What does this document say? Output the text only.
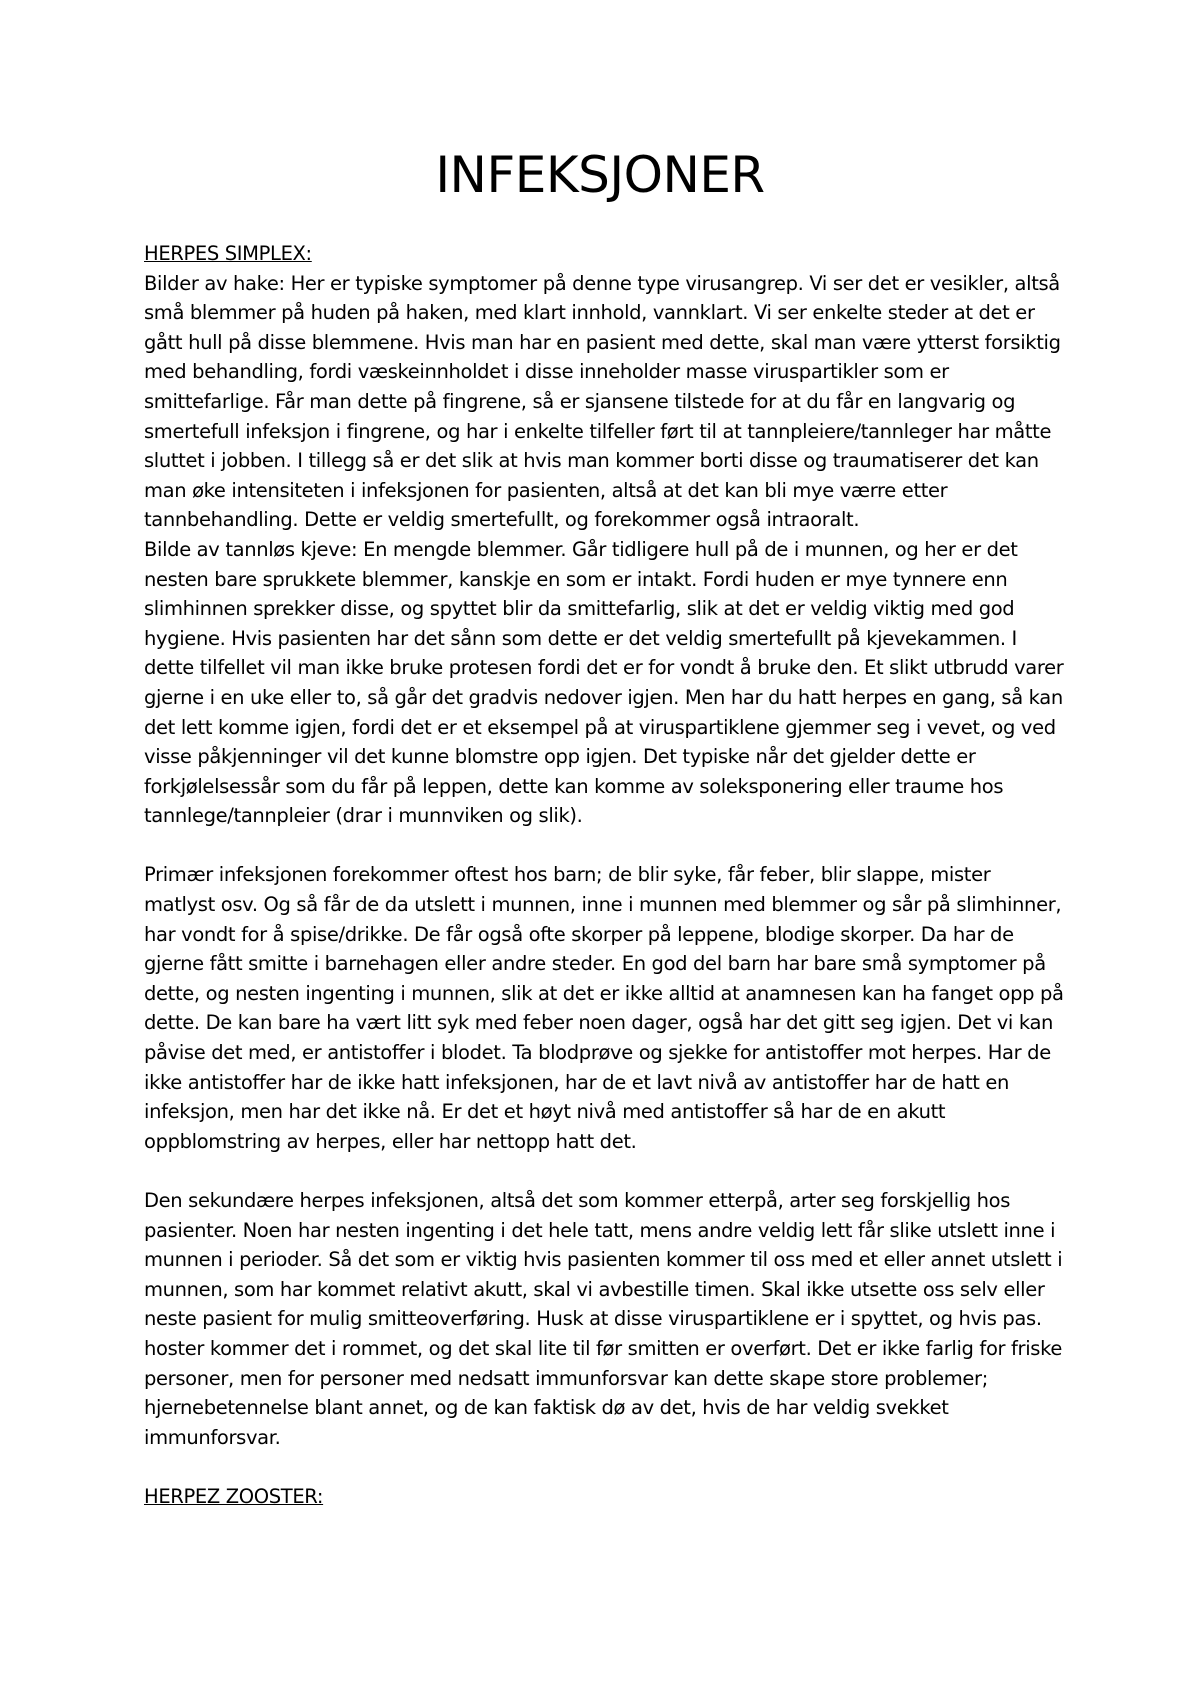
INFEKSJONER

HERPES SIMPLEX:

Bilder av hake: Her er typiske symptomer på denne type virusangrep. Vi ser det er vesikler, altså små blemmer på huden på haken, med klart innhold, vannklart. Vi ser enkelte steder at det er gått hull på disse blemmene. Hvis man har en pasient med dette, skal man være ytterst forsiktig med behandling, fordi væskeinnholdet i disse inneholder masse viruspartikler som er smittefarlige. Får man dette på fingrene, så er sjansene tilstede for at du får en langvarig og smertefull infeksjon i fingrene, og har i enkelte tilfeller ført til at tannpleiere/tannleger har måtte sluttet i jobben. I tillegg så er det slik at hvis man kommer borti disse og traumatiserer det kan man øke intensiteten i infeksjonen for pasienten, altså at det kan bli mye værre etter tannbehandling. Dette er veldig smertefullt, og forekommer også intraoralt.

Bilde av tannløs kjeve: En mengde blemmer. Går tidligere hull på de i munnen, og her er det nesten bare sprukkete blemmer, kanskje en som er intakt. Fordi huden er mye tynnere enn slimhinnen sprekker disse, og spyttet blir da smittefarlig, slik at det er veldig viktig med god hygiene. Hvis pasienten har det sånn som dette er det veldig smertefullt på kjevekammen. I dette tilfellet vil man ikke bruke protesen fordi det er for vondt å bruke den. Et slikt utbrudd varer gjerne i en uke eller to, så går det gradvis nedover igjen. Men har du hatt herpes en gang, så kan det lett komme igjen, fordi det er et eksempel på at viruspartiklene gjemmer seg i vevet, og ved visse påkjenninger vil det kunne blomstre opp igjen. Det typiske når det gjelder dette er forkjølelsessår som du får på leppen, dette kan komme av soleksponering eller traume hos tannlege/tannpleier (drar i munnviken og slik).

Primær infeksjonen forekommer oftest hos barn; de blir syke, får feber, blir slappe, mister matlyst osv. Og så får de da utslett i munnen, inne i munnen med blemmer og sår på slimhinner, har vondt for å spise/drikke. De får også ofte skorper på leppene, blodige skorper. Da har de gjerne fått smitte i barnehagen eller andre steder. En god del barn har bare små symptomer på dette, og nesten ingenting i munnen, slik at det er ikke alltid at anamnesen kan ha fanget opp på dette. De kan bare ha vært litt syk med feber noen dager, også har det gitt seg igjen. Det vi kan påvise det med, er antistoffer i blodet. Ta blodprøve og sjekke for antistoffer mot herpes. Har de ikke antistoffer har de ikke hatt infeksjonen, har de et lavt nivå av antistoffer har de hatt en infeksjon, men har det ikke nå. Er det et høyt nivå med antistoffer så har de en akutt oppblomstring av herpes, eller har nettopp hatt det.

Den sekundære herpes infeksjonen, altså det som kommer etterpå, arter seg forskjellig hos pasienter. Noen har nesten ingenting i det hele tatt, mens andre veldig lett får slike utslett inne i munnen i perioder. Så det som er viktig hvis pasienten kommer til oss med et eller annet utslett i munnen, som har kommet relativt akutt, skal vi avbestille timen. Skal ikke utsette oss selv eller neste pasient for mulig smitteoverføring. Husk at disse viruspartiklene er i spyttet, og hvis pas. hoster kommer det i rommet, og det skal lite til før smitten er overført. Det er ikke farlig for friske personer, men for personer med nedsatt immunforsvar kan dette skape store problemer; hjernebetennelse blant annet, og de kan faktisk dø av det, hvis de har veldig svekket immunforsvar.

HERPEZ ZOOSTER:
